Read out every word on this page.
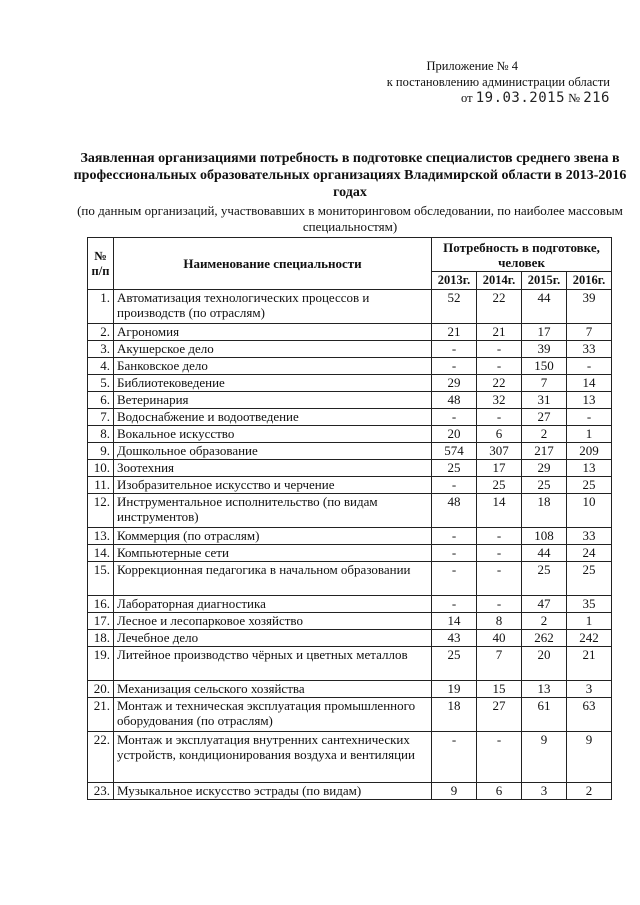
Приложение № 4
к постановлению администрации области
от 19.03.2015 № 216
Заявленная организациями потребность в подготовке специалистов среднего звена в профессиональных образовательных организациях Владимирской области в 2013-2016 годах
(по данным организаций, участвовавших в мониторинговом обследовании, по наиболее массовым специальностям)
№ п/п	Наименование специальности	Потребность в подготовке, человек			
		2013г.	2014г.	2015г.	2016г.
1.	Автоматизация технологических процессов и производств (по отраслям)	52	22	44	39
2.	Агрономия	21	21	17	7
3.	Акушерское дело	-	-	39	33
4.	Банковское дело	-	-	150	-
5.	Библиотековедение	29	22	7	14
6.	Ветеринария	48	32	31	13
7.	Водоснабжение и водоотведение	-	-	27	-
8.	Вокальное искусство	20	6	2	1
9.	Дошкольное образование	574	307	217	209
10.	Зоотехния	25	17	29	13
11.	Изобразительное искусство и черчение	-	25	25	25
12.	Инструментальное исполнительство (по видам инструментов)	48	14	18	10
13.	Коммерция (по отраслям)	-	-	108	33
14.	Компьютерные сети	-	-	44	24
15.	Коррекционная педагогика в начальном образовании	-	-	25	25
16.	Лабораторная диагностика	-	-	47	35
17.	Лесное и лесопарковое хозяйство	14	8	2	1
18.	Лечебное дело	43	40	262	242
19.	Литейное производство чёрных и цветных металлов	25	7	20	21
20.	Механизация сельского хозяйства	19	15	13	3
21.	Монтаж и техническая эксплуатация промышленного оборудования (по отраслям)	18	27	61	63
22.	Монтаж и эксплуатация внутренних сантехнических устройств, кондиционирования воздуха и вентиляции	-	-	9	9
23.	Музыкальное искусство эстрады (по видам)	9	6	3	2
